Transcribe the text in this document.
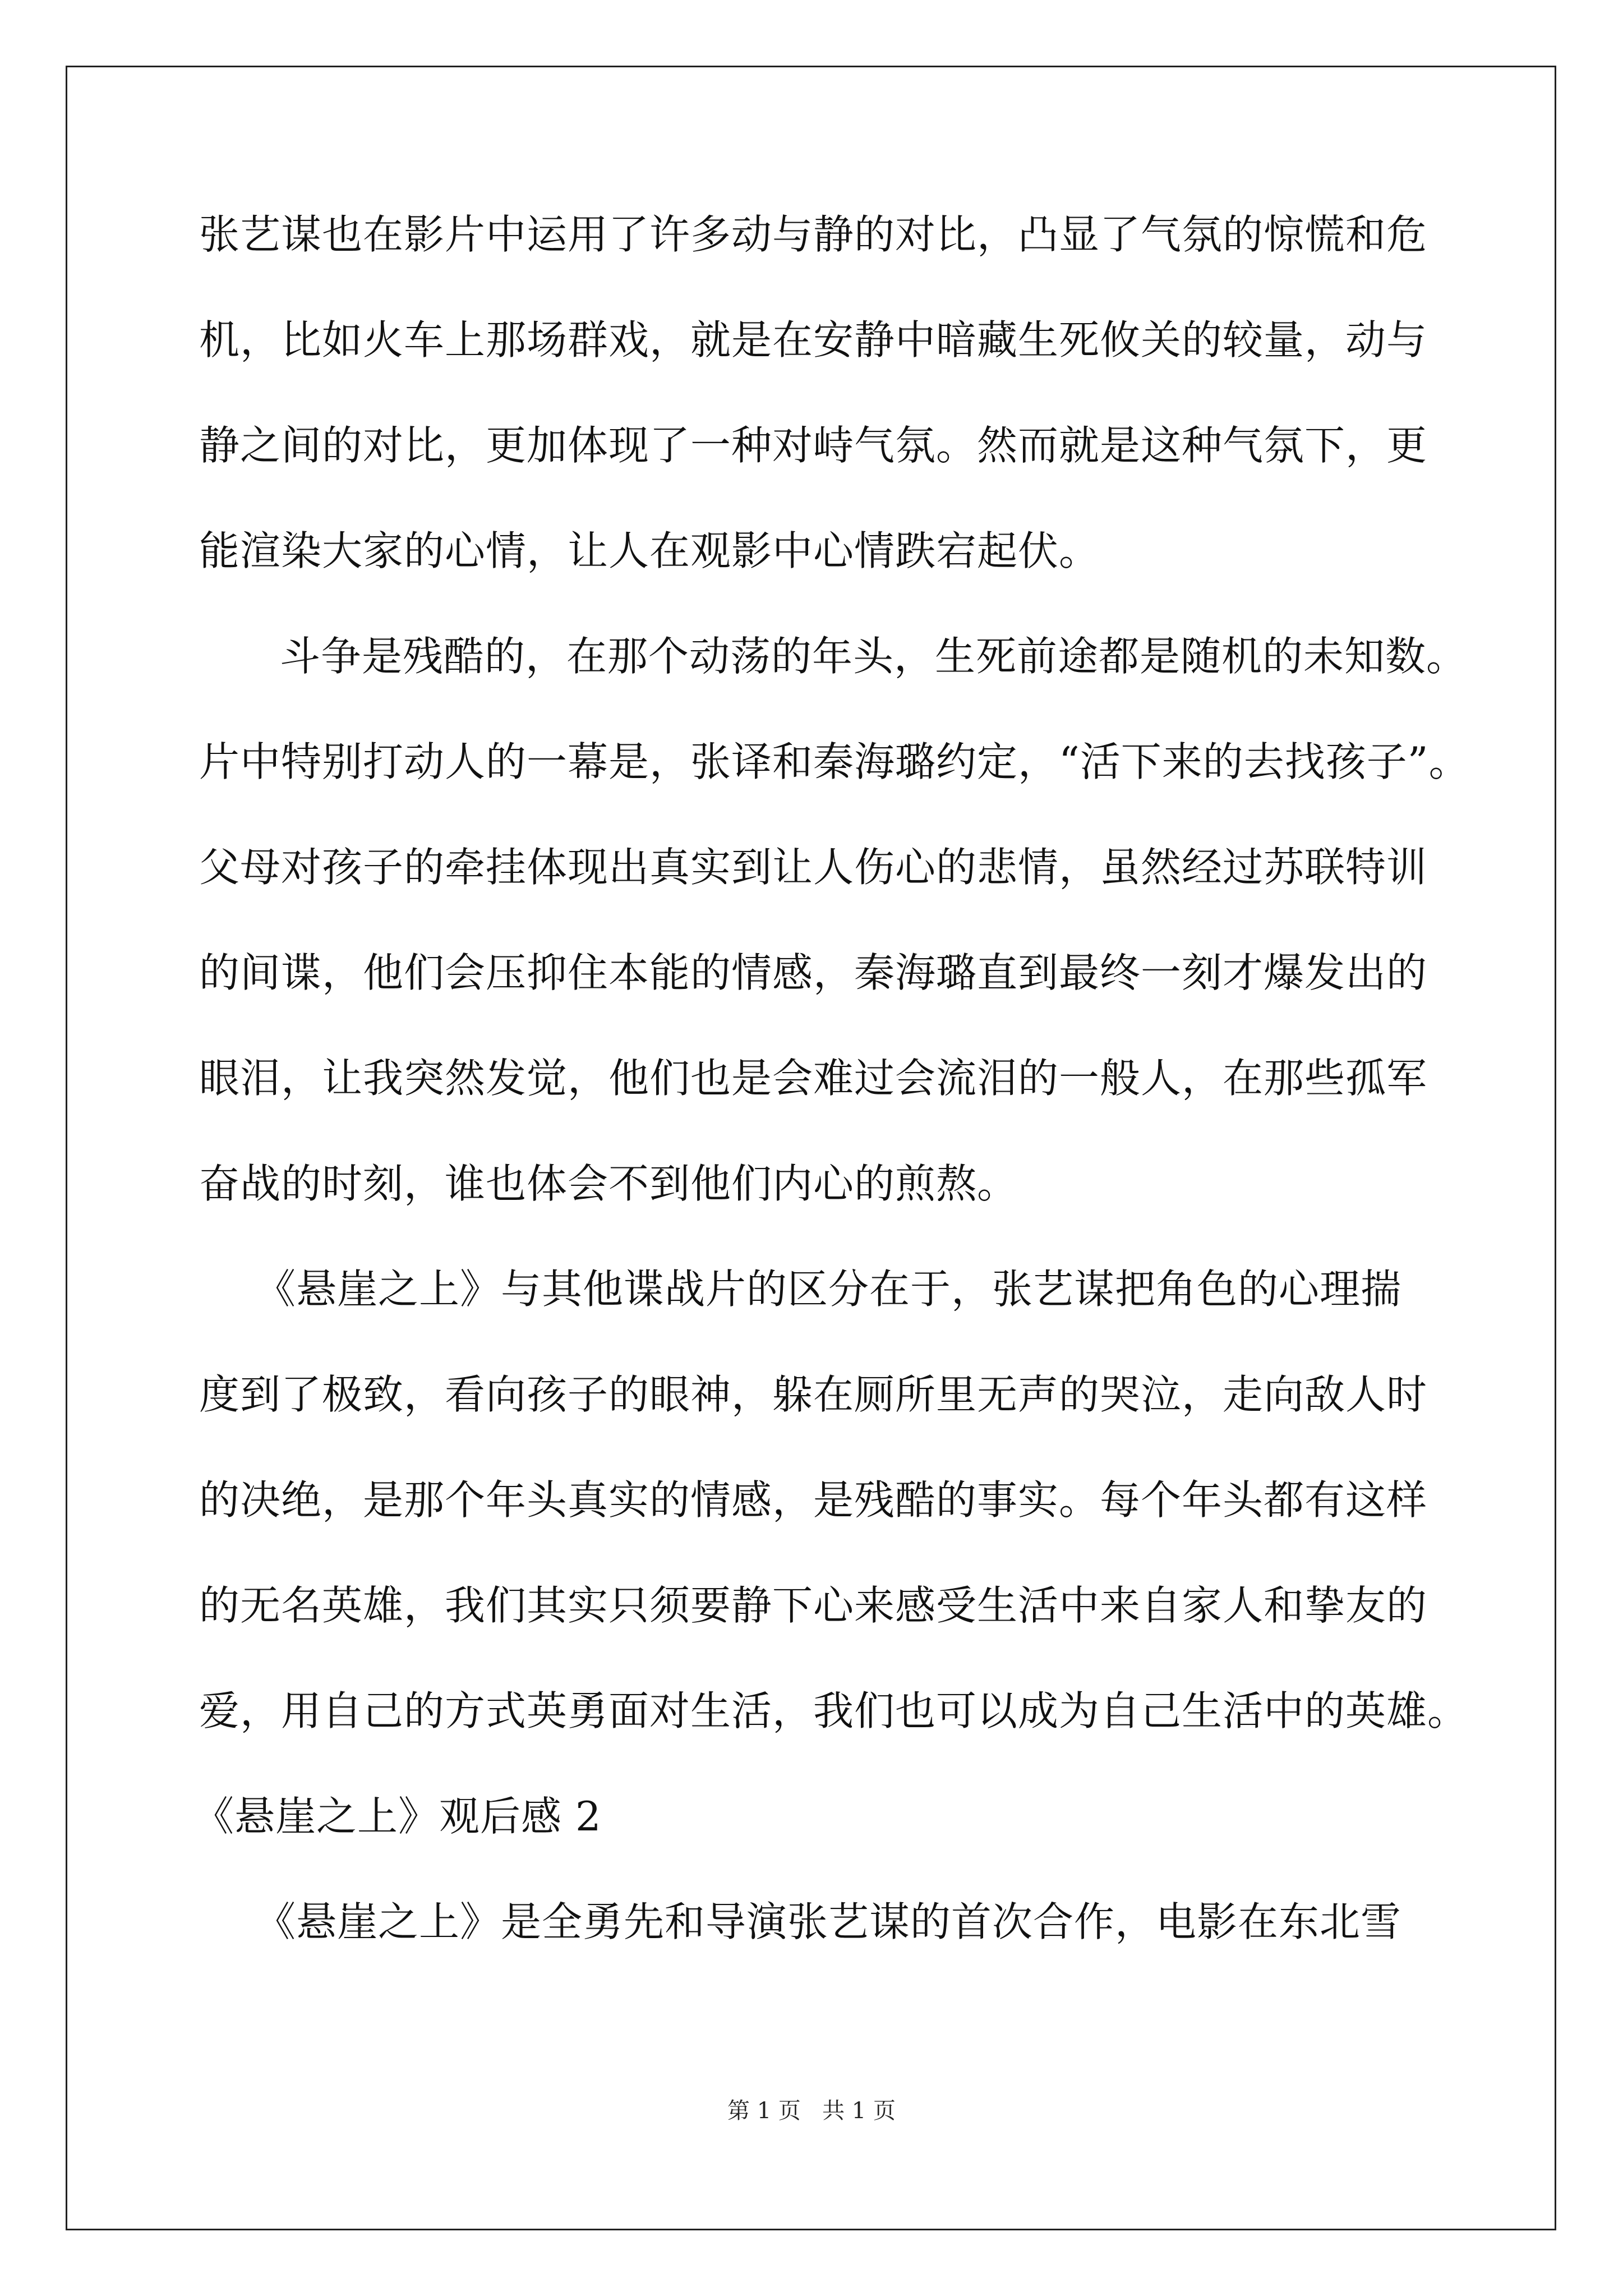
张艺谋也在影片中运用了许多动与静的对比，凸显了气氛的惊慌和危
机，比如火车上那场群戏，就是在安静中暗藏生死攸关的较量，动与
静之间的对比，更加体现了一种对峙气氛。然而就是这种气氛下，更
能渲染大家的心情，让人在观影中心情跌宕起伏。
斗争是残酷的，在那个动荡的年头，生死前途都是随机的未知数。
片中特别打动人的一幕是，张译和秦海璐约定，“活下来的去找孩子”。
父母对孩子的牵挂体现出真实到让人伤心的悲情，虽然经过苏联特训
的间谍，他们会压抑住本能的情感，秦海璐直到最终一刻才爆发出的
眼泪，让我突然发觉，他们也是会难过会流泪的一般人，在那些孤军
奋战的时刻，谁也体会不到他们内心的煎熬。
《悬崖之上》与其他谍战片的区分在于，张艺谋把角色的心理揣
度到了极致，看向孩子的眼神，躲在厕所里无声的哭泣，走向敌人时
的决绝，是那个年头真实的情感，是残酷的事实。每个年头都有这样
的无名英雄，我们其实只须要静下心来感受生活中来自家人和挚友的
爱，用自己的方式英勇面对生活，我们也可以成为自己生活中的英雄。
《悬崖之上》观后感 2
《悬崖之上》是全勇先和导演张艺谋的首次合作，电影在东北雪
第 1 页   共 1 页
